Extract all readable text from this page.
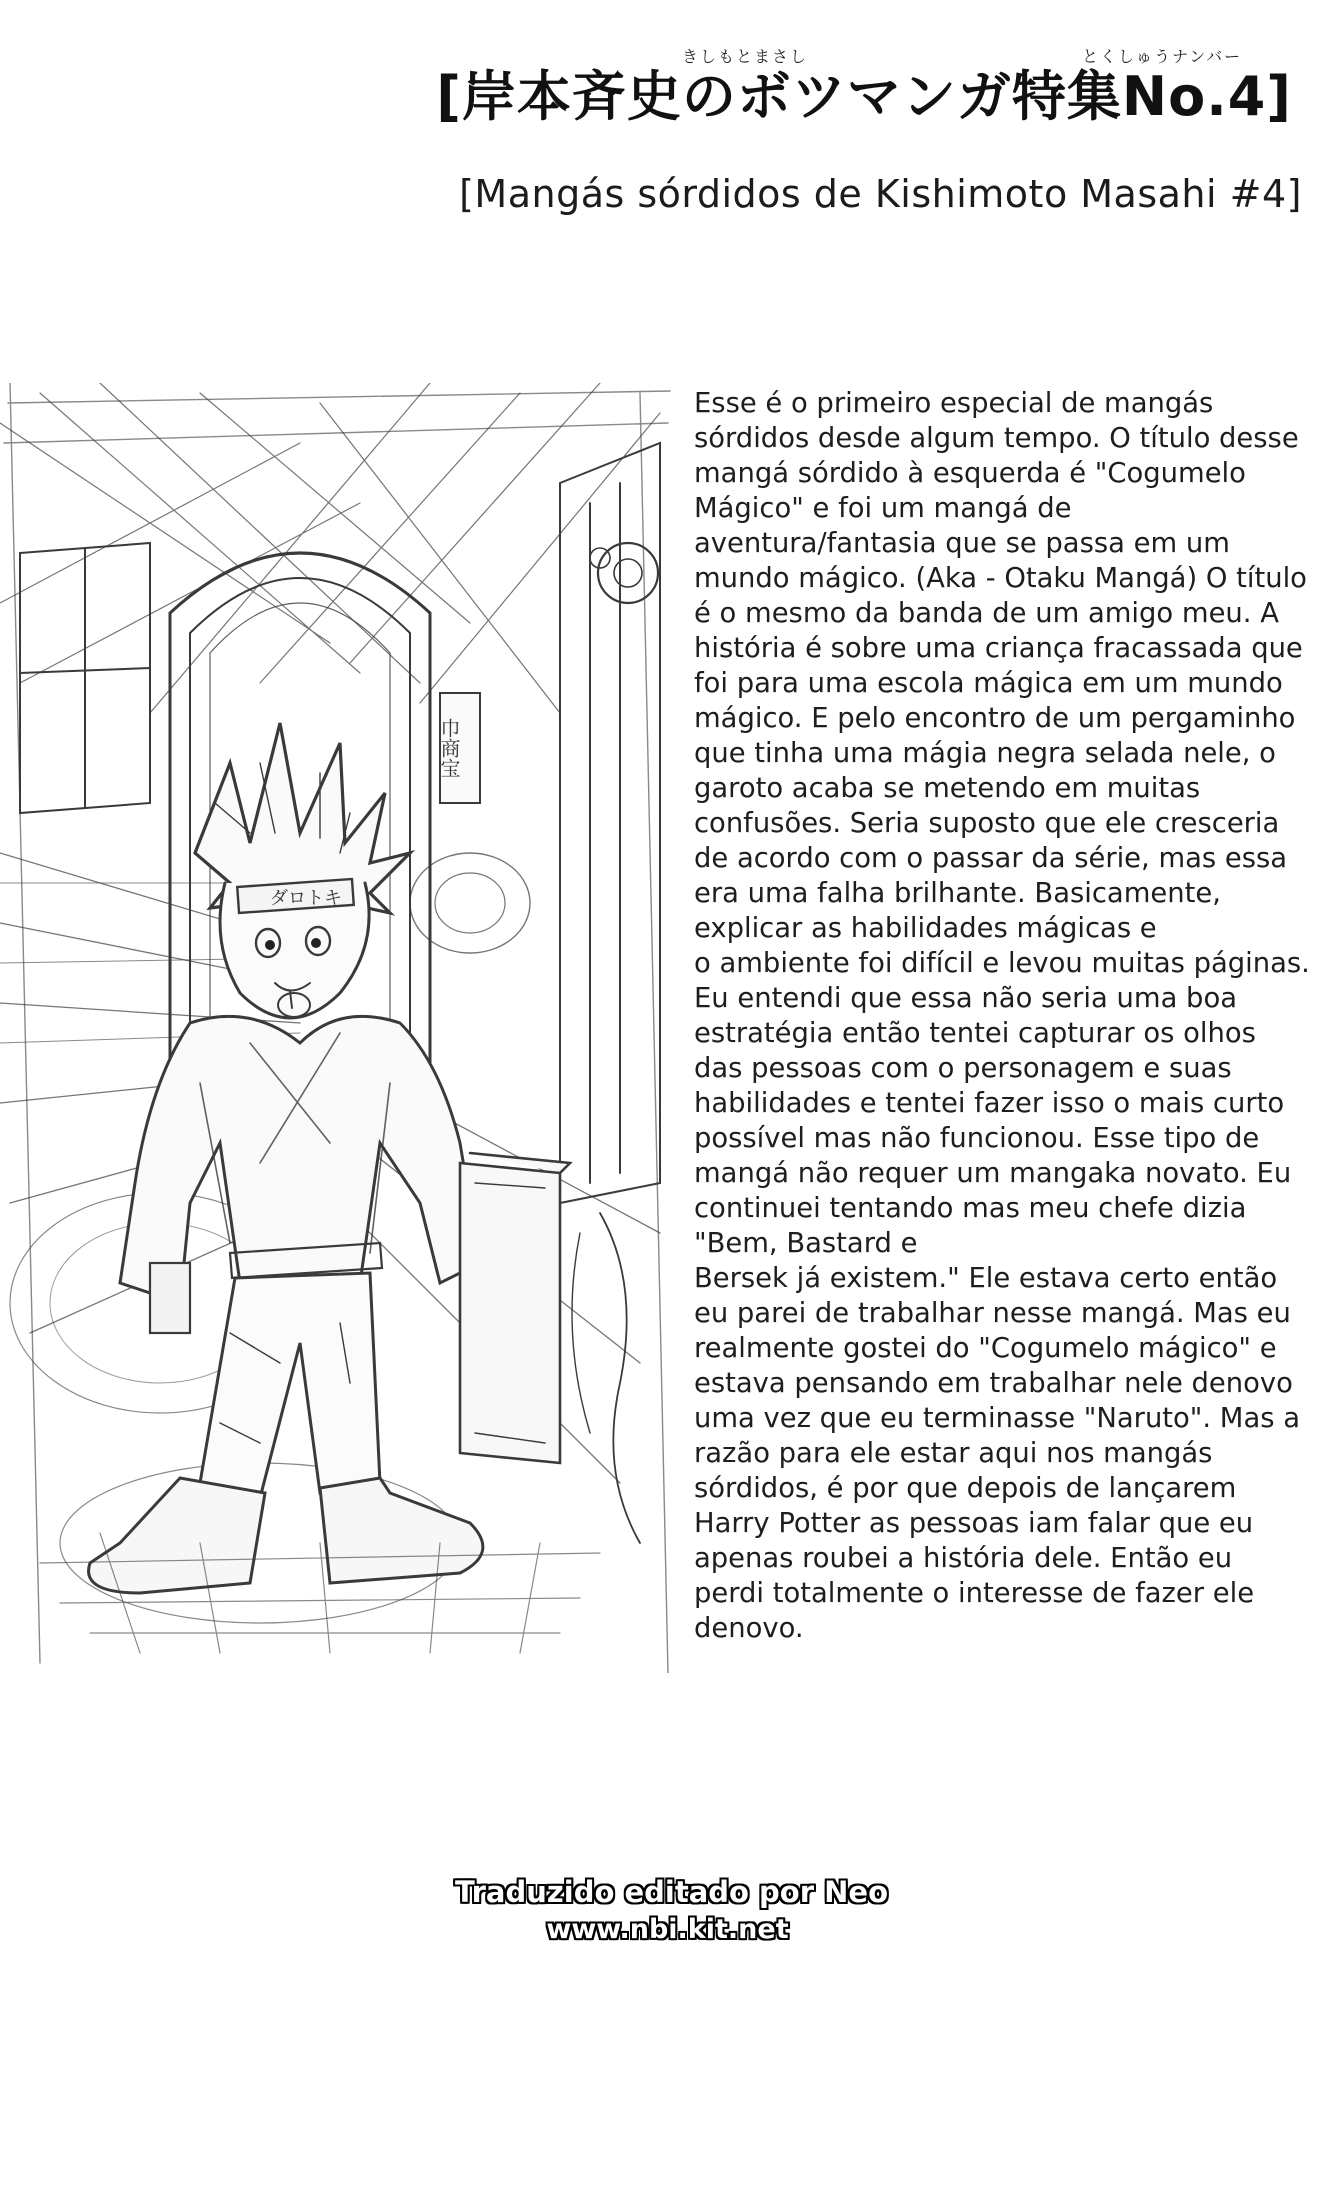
きしもとまさし	とくしゅうナンバー
[岸本斉史のボツマンガ特集No.4]
[Mangás sórdidos de Kishimoto Masahi #4]
ダロトキ
巾商宝
Esse é o primeiro especial de mangás
sórdidos desde algum tempo. O título desse
mangá sórdido à esquerda é "Cogumelo
Mágico" e foi um mangá de
aventura/fantasia que se passa em um
mundo mágico. (Aka - Otaku Mangá) O título
é o mesmo da banda de um amigo meu. A
história é sobre uma criança fracassada que
foi para uma escola mágica em um mundo
mágico. E pelo encontro de um pergaminho
que tinha uma mágia negra selada nele, o
garoto acaba se metendo em muitas
confusões. Seria suposto que ele cresceria
de acordo com o passar da série, mas essa
era uma falha brilhante. Basicamente,
explicar as habilidades mágicas e
o ambiente foi difícil e levou muitas páginas.
Eu entendi que essa não seria uma boa
estratégia então tentei capturar os olhos
das pessoas com o personagem e suas
habilidades e tentei fazer isso o mais curto
possível mas não funcionou. Esse tipo de
mangá não requer um mangaka novato. Eu
continuei tentando mas meu chefe dizia
"Bem, Bastard e
Bersek já existem." Ele estava certo então
eu parei de trabalhar nesse mangá. Mas eu
realmente gostei do "Cogumelo mágico" e
estava pensando em trabalhar nele denovo
uma vez que eu terminasse "Naruto". Mas a
razão para ele estar aqui nos mangás
sórdidos, é por que depois de lançarem
Harry Potter as pessoas iam falar que eu
apenas roubei a história dele. Então eu
perdi totalmente o interesse de fazer ele
denovo.
Traduzido editado por Neo
www.nbi.kit.net
